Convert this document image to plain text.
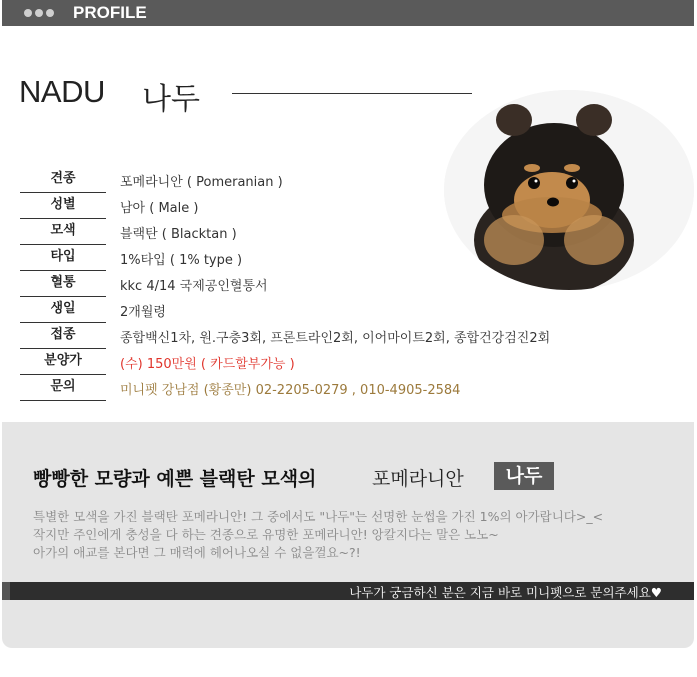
PROFILE
NADU 나두
견종	포메라니안 ( Pomeranian )
성별	남아 ( Male )
모색	블랙탄 ( Blacktan )
타입	1%타입 ( 1% type )
혈통	kkc 4/14 국제공인혈통서
생일	2개월령
접종	종합백신1차, 원.구충3회, 프론트라인2회, 이어마이트2회, 종합건강검진2회
분양가	(수) 150만원 ( 카드할부가능 )
문의	미니펫 강남점 (황종만) 02-2205-0279 , 010-4905-2584
빵빵한 모량과 예쁜 블랙탄 모색의	포메라니안	나두
특별한 모색을 가진 블랙탄 포메라니안! 그 중에서도 "나두"는 선명한 눈썹을 가진 1%의 아가랍니다>_<
작지만 주인에게 충성을 다 하는 견종으로 유명한 포메라니안! 앙칼지다는 말은 노노~
아가의 애교를 본다면 그 매력에 헤어나오실 수 없을껄요~?!
나두가 궁금하신 분은 지금 바로 미니펫으로 문의주세요♥
